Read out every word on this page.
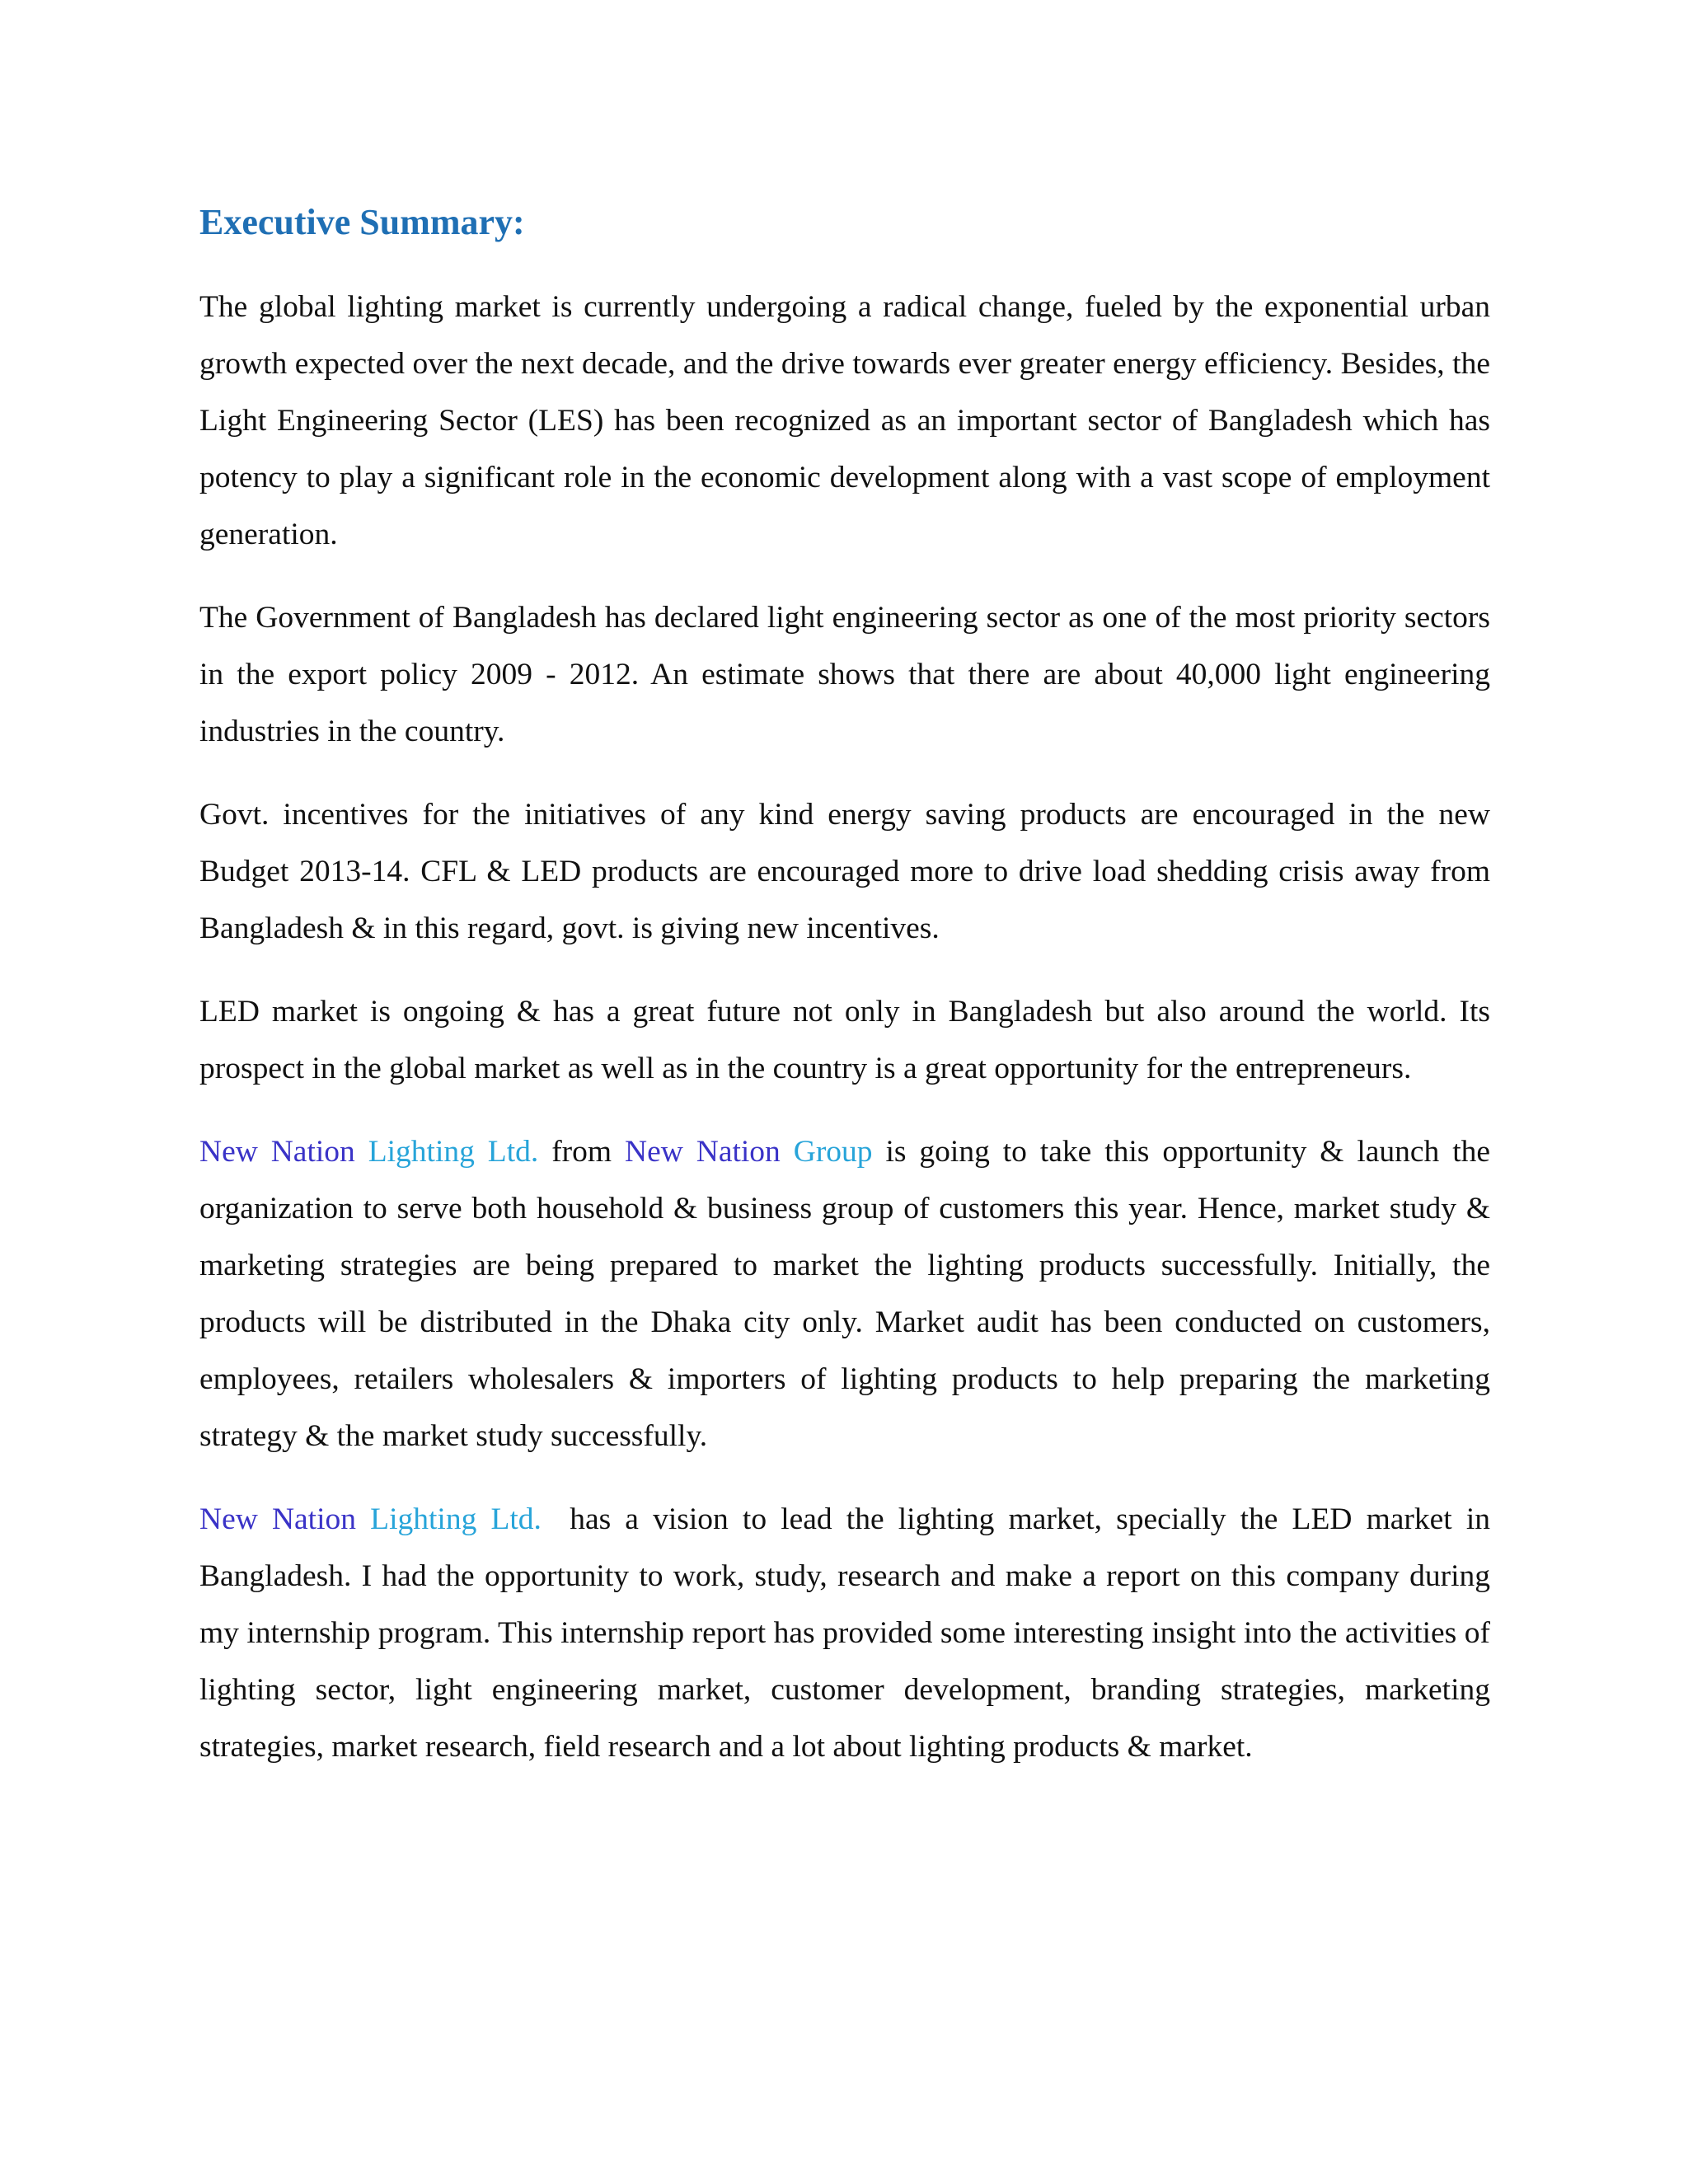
Executive Summary:

The global lighting market is currently undergoing a radical change, fueled by the exponential urban growth expected over the next decade, and the drive towards ever greater energy efficiency. Besides, the Light Engineering Sector (LES) has been recognized as an important sector of Bangladesh which has potency to play a significant role in the economic development along with a vast scope of employment generation.

The Government of Bangladesh has declared light engineering sector as one of the most priority sectors in the export policy 2009 - 2012. An estimate shows that there are about 40,000 light engineering industries in the country.

Govt. incentives for the initiatives of any kind energy saving products are encouraged in the new Budget 2013-14. CFL & LED products are encouraged more to drive load shedding crisis away from Bangladesh & in this regard, govt. is giving new incentives.

LED market is ongoing & has a great future not only in Bangladesh but also around the world. Its prospect in the global market as well as in the country is a great opportunity for the entrepreneurs.

New Nation Lighting Ltd. from New Nation Group is going to take this opportunity & launch the organization to serve both household & business group of customers this year. Hence, market study & marketing strategies are being prepared to market the lighting products successfully. Initially, the products will be distributed in the Dhaka city only. Market audit has been conducted on customers, employees, retailers wholesalers & importers of lighting products to help preparing the marketing strategy & the market study successfully.

New Nation Lighting Ltd. has a vision to lead the lighting market, specially the LED market in Bangladesh. I had the opportunity to work, study, research and make a report on this company during my internship program. This internship report has provided some interesting insight into the activities of lighting sector, light engineering market, customer development, branding strategies, marketing strategies, market research, field research and a lot about lighting products & market.
